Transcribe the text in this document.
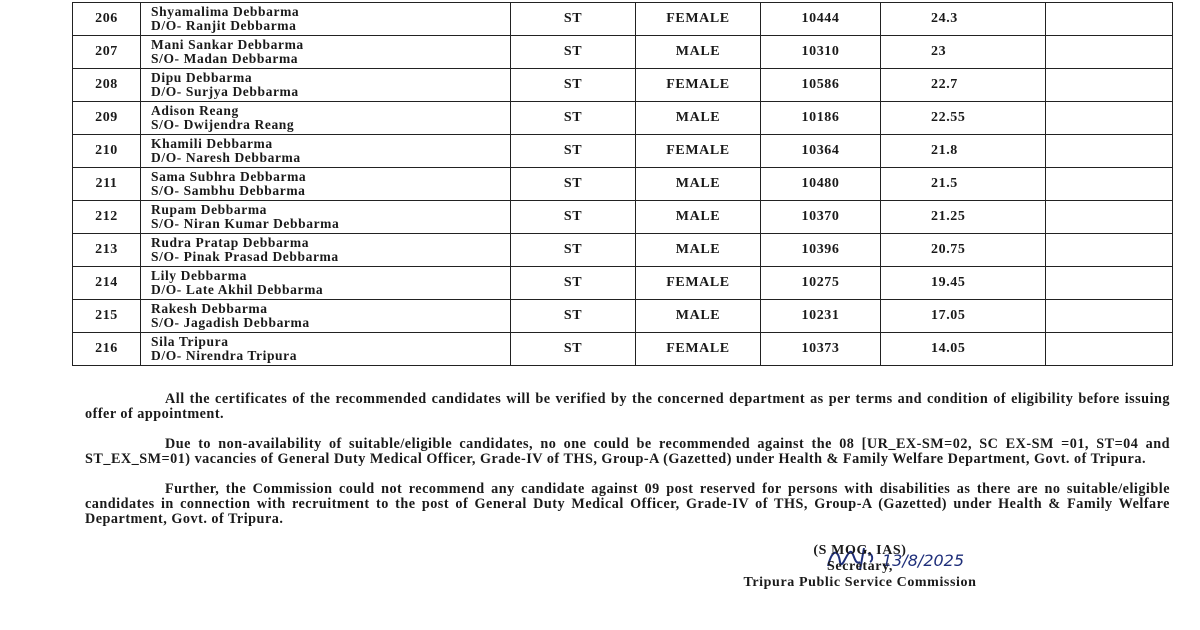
206	Shyamalima Debbarma
D/O- Ranjit Debbarma	ST	FEMALE	10444	24.3	
207	Mani Sankar Debbarma
S/O- Madan Debbarma	ST	MALE	10310	23	
208	Dipu Debbarma
D/O- Surjya Debbarma	ST	FEMALE	10586	22.7	
209	Adison Reang
S/O- Dwijendra Reang	ST	MALE	10186	22.55	
210	Khamili Debbarma
D/O- Naresh Debbarma	ST	FEMALE	10364	21.8	
211	Sama Subhra Debbarma
S/O- Sambhu Debbarma	ST	MALE	10480	21.5	
212	Rupam Debbarma
S/O- Niran Kumar Debbarma	ST	MALE	10370	21.25	
213	Rudra Pratap Debbarma
S/O- Pinak Prasad Debbarma	ST	MALE	10396	20.75	
214	Lily Debbarma
D/O- Late Akhil Debbarma	ST	FEMALE	10275	19.45	
215	Rakesh Debbarma
S/O- Jagadish Debbarma	ST	MALE	10231	17.05	
216	Sila Tripura
D/O- Nirendra Tripura	ST	FEMALE	10373	14.05	

All the certificates of the recommended candidates will be verified by the concerned department as per terms and condition of eligibility before issuing offer of appointment.

Due to non-availability of suitable/eligible candidates, no one could be recommended against the 08 [UR_EX-SM=02, SC EX-SM =01, ST=04 and ST_EX_SM=01) vacancies of General Duty Medical Officer, Grade-IV of THS, Group-A (Gazetted) under Health & Family Welfare Department, Govt. of Tripura.

Further, the Commission could not recommend any candidate against 09 post reserved for persons with disabilities as there are no suitable/eligible candidates in connection with recruitment to the post of General Duty Medical Officer, Grade-IV of THS, Group-A (Gazetted) under Health & Family Welfare Department, Govt. of Tripura.

13/8/2025
(S MOG, IAS)
Secretary,
Tripura Public Service Commission
